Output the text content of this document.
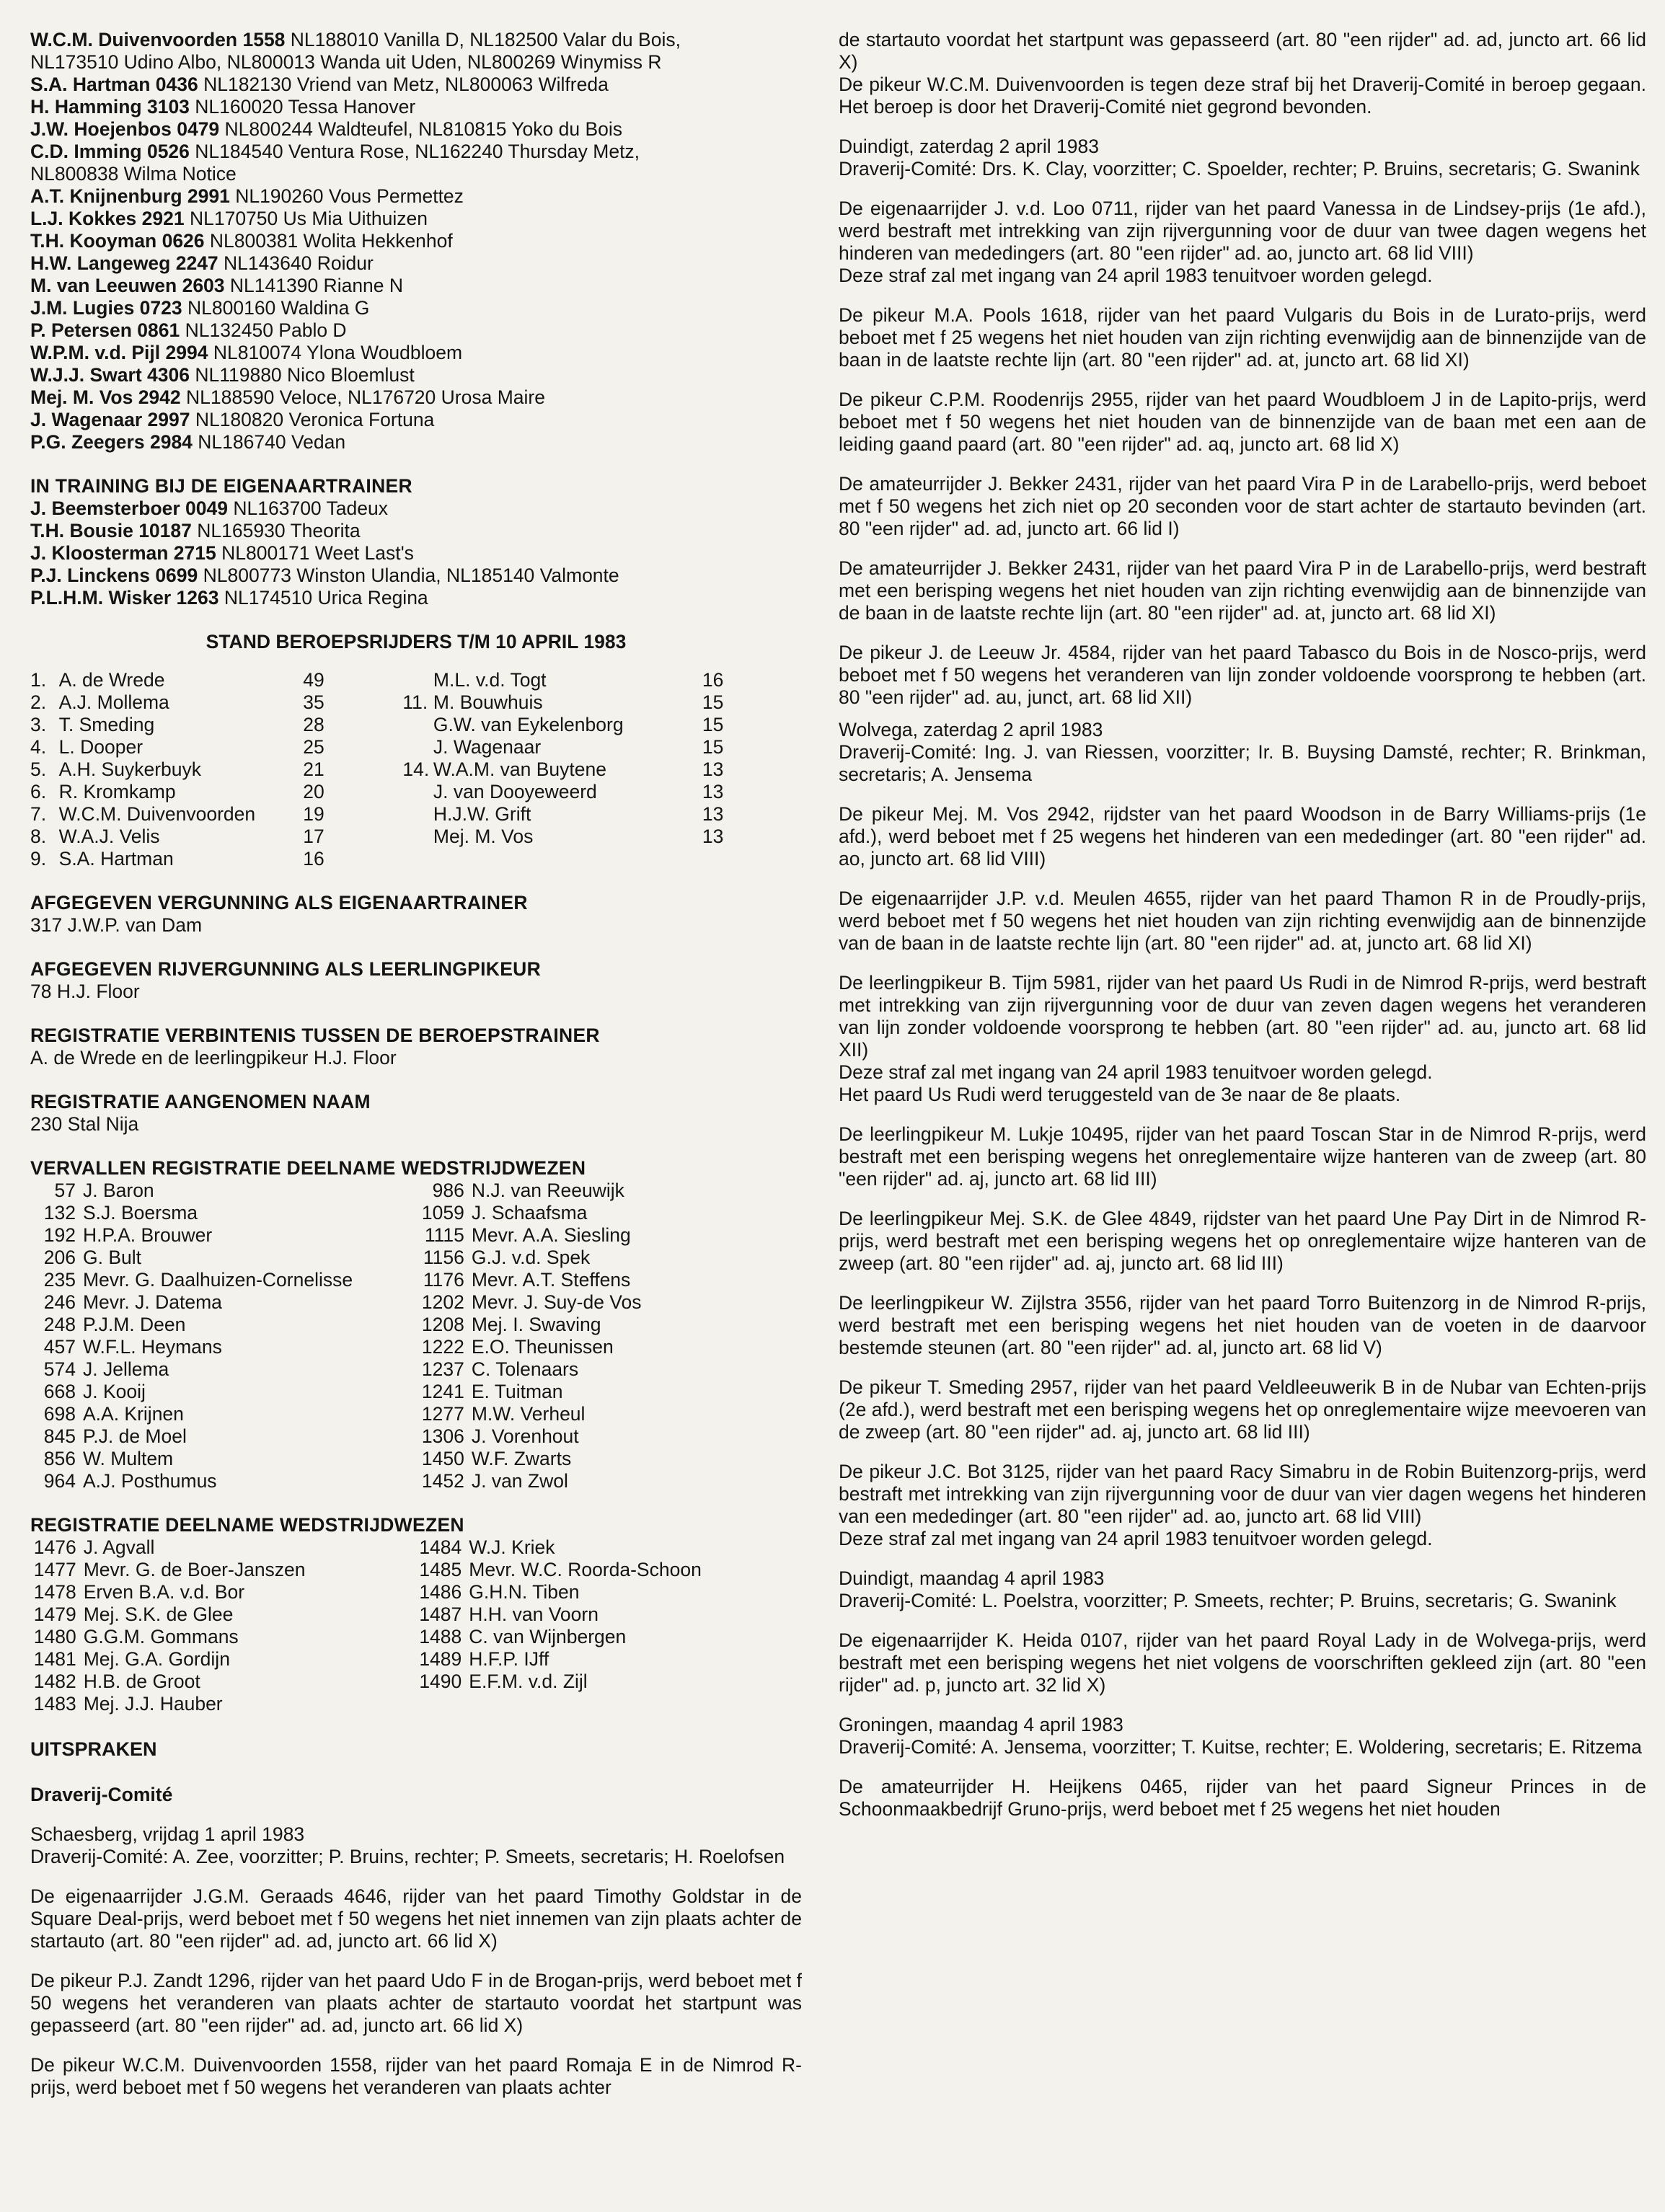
W.C.M. Duivenvoorden 1558 NL188010 Vanilla D, NL182500 Valar du Bois,

NL173510 Udino Albo, NL800013 Wanda uit Uden, NL800269 Winymiss R

S.A. Hartman 0436 NL182130 Vriend van Metz, NL800063 Wilfreda

H. Hamming 3103 NL160020 Tessa Hanover

J.W. Hoejenbos 0479 NL800244 Waldteufel, NL810815 Yoko du Bois

C.D. Imming 0526 NL184540 Ventura Rose, NL162240 Thursday Metz,

NL800838 Wilma Notice

A.T. Knijnenburg 2991 NL190260 Vous Permettez

L.J. Kokkes 2921 NL170750 Us Mia Uithuizen

T.H. Kooyman 0626 NL800381 Wolita Hekkenhof

H.W. Langeweg 2247 NL143640 Roidur

M. van Leeuwen 2603 NL141390 Rianne N

J.M. Lugies 0723 NL800160 Waldina G

P. Petersen 0861 NL132450 Pablo D

W.P.M. v.d. Pijl 2994 NL810074 Ylona Woudbloem

W.J.J. Swart 4306 NL119880 Nico Bloemlust

Mej. M. Vos 2942 NL188590 Veloce, NL176720 Urosa Maire

J. Wagenaar 2997 NL180820 Veronica Fortuna

P.G. Zeegers 2984 NL186740 Vedan

IN TRAINING BIJ DE EIGENAARTRAINER

J. Beemsterboer 0049 NL163700 Tadeux

T.H. Bousie 10187 NL165930 Theorita

J. Kloosterman 2715 NL800171 Weet Last's

P.J. Linckens 0699 NL800773 Winston Ulandia, NL185140 Valmonte

P.L.H.M. Wisker 1263 NL174510 Urica Regina

STAND BEROEPSRIJDERS T/M 10 APRIL 1983

1.	A. de Wrede	49		M.L. v.d. Togt	16
2.	A.J. Mollema	35	11.	M. Bouwhuis	15
3.	T. Smeding	28		G.W. van Eykelenborg	15
4.	L. Dooper	25		J. Wagenaar	15
5.	A.H. Suykerbuyk	21	14.	W.A.M. van Buytene	13
6.	R. Kromkamp	20		J. van Dooyeweerd	13
7.	W.C.M. Duivenvoorden	19		H.J.W. Grift	13
8.	W.A.J. Velis	17		Mej. M. Vos	13
9.	S.A. Hartman	16			

AFGEGEVEN VERGUNNING ALS EIGENAARTRAINER

317 J.W.P. van Dam

AFGEGEVEN RIJVERGUNNING ALS LEERLINGPIKEUR

78 H.J. Floor

REGISTRATIE VERBINTENIS TUSSEN DE BEROEPSTRAINER

A. de Wrede en de leerlingpikeur H.J. Floor

REGISTRATIE AANGENOMEN NAAM

230 Stal Nija

VERVALLEN REGISTRATIE DEELNAME WEDSTRIJDWEZEN

57	J. Baron	986	N.J. van Reeuwijk
132	S.J. Boersma	1059	J. Schaafsma
192	H.P.A. Brouwer	1115	Mevr. A.A. Siesling
206	G. Bult	1156	G.J. v.d. Spek
235	Mevr. G. Daalhuizen-Cornelisse	1176	Mevr. A.T. Steffens
246	Mevr. J. Datema	1202	Mevr. J. Suy-de Vos
248	P.J.M. Deen	1208	Mej. I. Swaving
457	W.F.L. Heymans	1222	E.O. Theunissen
574	J. Jellema	1237	C. Tolenaars
668	J. Kooij	1241	E. Tuitman
698	A.A. Krijnen	1277	M.W. Verheul
845	P.J. de Moel	1306	J. Vorenhout
856	W. Multem	1450	W.F. Zwarts
964	A.J. Posthumus	1452	J. van Zwol

REGISTRATIE DEELNAME WEDSTRIJDWEZEN

1476	J. Agvall	1484	W.J. Kriek
1477	Mevr. G. de Boer-Janszen	1485	Mevr. W.C. Roorda-Schoon
1478	Erven B.A. v.d. Bor	1486	G.H.N. Tiben
1479	Mej. S.K. de Glee	1487	H.H. van Voorn
1480	G.G.M. Gommans	1488	C. van Wijnbergen
1481	Mej. G.A. Gordijn	1489	H.F.P. IJff
1482	H.B. de Groot	1490	E.F.M. v.d. Zijl
1483	Mej. J.J. Hauber		

UITSPRAKEN

Draverij-Comité

Schaesberg, vrijdag 1 april 1983

Draverij-Comité: A. Zee, voorzitter; P. Bruins, rechter; P. Smeets, secretaris; H. Roelofsen

De eigenaarrijder J.G.M. Geraads 4646, rijder van het paard Timothy Goldstar in de Square Deal-prijs, werd beboet met f 50 wegens het niet innemen van zijn plaats achter de startauto (art. 80 "een rijder" ad. ad, juncto art. 66 lid X)

De pikeur P.J. Zandt 1296, rijder van het paard Udo F in de Brogan-prijs, werd beboet met f 50 wegens het veranderen van plaats achter de startauto voordat het startpunt was gepasseerd (art. 80 "een rijder" ad. ad, juncto art. 66 lid X)

De pikeur W.C.M. Duivenvoorden 1558, rijder van het paard Romaja E in de Nimrod R-prijs, werd beboet met f 50 wegens het veranderen van plaats achter

de startauto voordat het startpunt was gepasseerd (art. 80 "een rijder" ad. ad, juncto art. 66 lid X)

De pikeur W.C.M. Duivenvoorden is tegen deze straf bij het Draverij-Comité in beroep gegaan. Het beroep is door het Draverij-Comité niet gegrond bevonden.

Duindigt, zaterdag 2 april 1983

Draverij-Comité: Drs. K. Clay, voorzitter; C. Spoelder, rechter; P. Bruins, secretaris; G. Swanink

De eigenaarrijder J. v.d. Loo 0711, rijder van het paard Vanessa in de Lindsey-prijs (1e afd.), werd bestraft met intrekking van zijn rijvergunning voor de duur van twee dagen wegens het hinderen van mededingers (art. 80 "een rijder" ad. ao, juncto art. 68 lid VIII)

Deze straf zal met ingang van 24 april 1983 tenuitvoer worden gelegd.

De pikeur M.A. Pools 1618, rijder van het paard Vulgaris du Bois in de Lurato-prijs, werd beboet met f 25 wegens het niet houden van zijn richting evenwijdig aan de binnenzijde van de baan in de laatste rechte lijn (art. 80 "een rijder" ad. at, juncto art. 68 lid XI)

De pikeur C.P.M. Roodenrijs 2955, rijder van het paard Woudbloem J in de Lapito-prijs, werd beboet met f 50 wegens het niet houden van de binnenzijde van de baan met een aan de leiding gaand paard (art. 80 "een rijder" ad. aq, juncto art. 68 lid X)

De amateurrijder J. Bekker 2431, rijder van het paard Vira P in de Larabello-prijs, werd beboet met f 50 wegens het zich niet op 20 seconden voor de start achter de startauto bevinden (art. 80 "een rijder" ad. ad, juncto art. 66 lid I)

De amateurrijder J. Bekker 2431, rijder van het paard Vira P in de Larabello-prijs, werd bestraft met een berisping wegens het niet houden van zijn richting evenwijdig aan de binnenzijde van de baan in de laatste rechte lijn (art. 80 "een rijder" ad. at, juncto art. 68 lid XI)

De pikeur J. de Leeuw Jr. 4584, rijder van het paard Tabasco du Bois in de Nosco-prijs, werd beboet met f 50 wegens het veranderen van lijn zonder voldoende voorsprong te hebben (art. 80 "een rijder" ad. au, junct, art. 68 lid XII)

Wolvega, zaterdag 2 april 1983

Draverij-Comité: Ing. J. van Riessen, voorzitter; Ir. B. Buysing Damsté, rechter; R. Brinkman, secretaris; A. Jensema

De pikeur Mej. M. Vos 2942, rijdster van het paard Woodson in de Barry Williams-prijs (1e afd.), werd beboet met f 25 wegens het hinderen van een mededinger (art. 80 "een rijder" ad. ao, juncto art. 68 lid VIII)

De eigenaarrijder J.P. v.d. Meulen 4655, rijder van het paard Thamon R in de Proudly-prijs, werd beboet met f 50 wegens het niet houden van zijn richting evenwijdig aan de binnenzijde van de baan in de laatste rechte lijn (art. 80 "een rijder" ad. at, juncto art. 68 lid XI)

De leerlingpikeur B. Tijm 5981, rijder van het paard Us Rudi in de Nimrod R-prijs, werd bestraft met intrekking van zijn rijvergunning voor de duur van zeven dagen wegens het veranderen van lijn zonder voldoende voorsprong te hebben (art. 80 "een rijder" ad. au, juncto art. 68 lid XII)

Deze straf zal met ingang van 24 april 1983 tenuitvoer worden gelegd.

Het paard Us Rudi werd teruggesteld van de 3e naar de 8e plaats.

De leerlingpikeur M. Lukje 10495, rijder van het paard Toscan Star in de Nimrod R-prijs, werd bestraft met een berisping wegens het onreglementaire wijze hanteren van de zweep (art. 80 "een rijder" ad. aj, juncto art. 68 lid III)

De leerlingpikeur Mej. S.K. de Glee 4849, rijdster van het paard Une Pay Dirt in de Nimrod R-prijs, werd bestraft met een berisping wegens het op onreglementaire wijze hanteren van de zweep (art. 80 "een rijder" ad. aj, juncto art. 68 lid III)

De leerlingpikeur W. Zijlstra 3556, rijder van het paard Torro Buitenzorg in de Nimrod R-prijs, werd bestraft met een berisping wegens het niet houden van de voeten in de daarvoor bestemde steunen (art. 80 "een rijder" ad. al, juncto art. 68 lid V)

De pikeur T. Smeding 2957, rijder van het paard Veldleeuwerik B in de Nubar van Echten-prijs (2e afd.), werd bestraft met een berisping wegens het op onreglementaire wijze meevoeren van de zweep (art. 80 "een rijder" ad. aj, juncto art. 68 lid III)

De pikeur J.C. Bot 3125, rijder van het paard Racy Simabru in de Robin Buitenzorg-prijs, werd bestraft met intrekking van zijn rijvergunning voor de duur van vier dagen wegens het hinderen van een mededinger (art. 80 "een rijder" ad. ao, juncto art. 68 lid VIII)

Deze straf zal met ingang van 24 april 1983 tenuitvoer worden gelegd.

Duindigt, maandag 4 april 1983

Draverij-Comité: L. Poelstra, voorzitter; P. Smeets, rechter; P. Bruins, secretaris; G. Swanink

De eigenaarrijder K. Heida 0107, rijder van het paard Royal Lady in de Wolvega-prijs, werd bestraft met een berisping wegens het niet volgens de voorschriften gekleed zijn (art. 80 "een rijder" ad. p, juncto art. 32 lid X)

Groningen, maandag 4 april 1983

Draverij-Comité: A. Jensema, voorzitter; T. Kuitse, rechter; E. Woldering, secretaris; E. Ritzema

De amateurrijder H. Heijkens 0465, rijder van het paard Signeur Princes in de Schoonmaakbedrijf Gruno-prijs, werd beboet met f 25 wegens het niet houden
